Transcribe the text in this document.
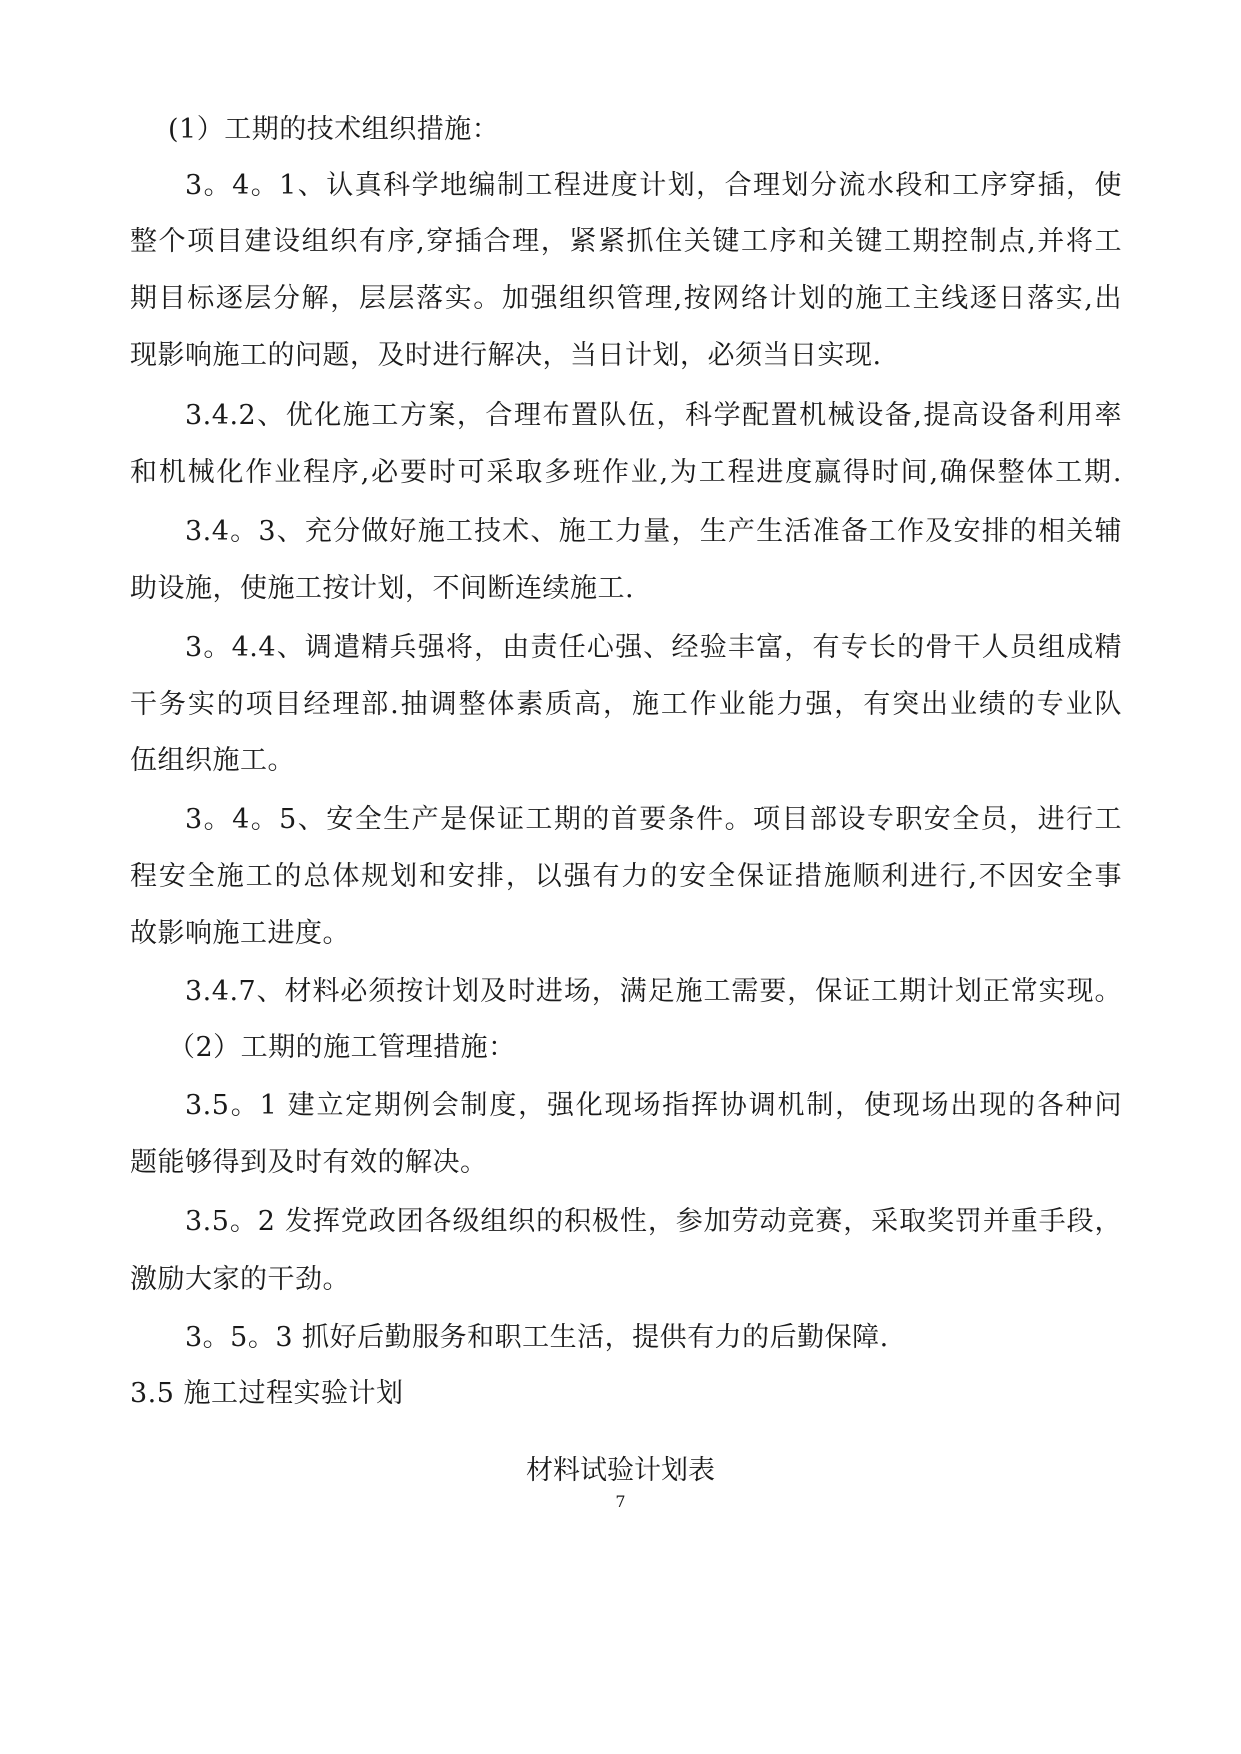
(1）工期的技术组织措施：
3。4。1、认真科学地编制工程进度计划，合理划分流水段和工序穿插，使
整个项目建设组织有序,穿插合理，紧紧抓住关键工序和关键工期控制点,并将工
期目标逐层分解，层层落实。加强组织管理,按网络计划的施工主线逐日落实,出
现影响施工的问题，及时进行解决，当日计划，必须当日实现.
3.4.2、优化施工方案，合理布置队伍，科学配置机械设备,提高设备利用率
和机械化作业程序,必要时可采取多班作业,为工程进度赢得时间,确保整体工期.
3.4。3、充分做好施工技术、施工力量，生产生活准备工作及安排的相关辅
助设施，使施工按计划，不间断连续施工.
3。4.4、调遣精兵强将，由责任心强、经验丰富，有专长的骨干人员组成精
干务实的项目经理部.抽调整体素质高，施工作业能力强，有突出业绩的专业队
伍组织施工。
3。4。5、安全生产是保证工期的首要条件。项目部设专职安全员，进行工
程安全施工的总体规划和安排，以强有力的安全保证措施顺利进行,不因安全事
故影响施工进度。
3.4.7、材料必须按计划及时进场，满足施工需要，保证工期计划正常实现。
（2）工期的施工管理措施：
3.5。1 建立定期例会制度，强化现场指挥协调机制，使现场出现的各种问
题能够得到及时有效的解决。
3.5。2 发挥党政团各级组织的积极性，参加劳动竞赛，采取奖罚并重手段，
激励大家的干劲。
3。5。3 抓好后勤服务和职工生活，提供有力的后勤保障.
3.5 施工过程实验计划
材料试验计划表
7
